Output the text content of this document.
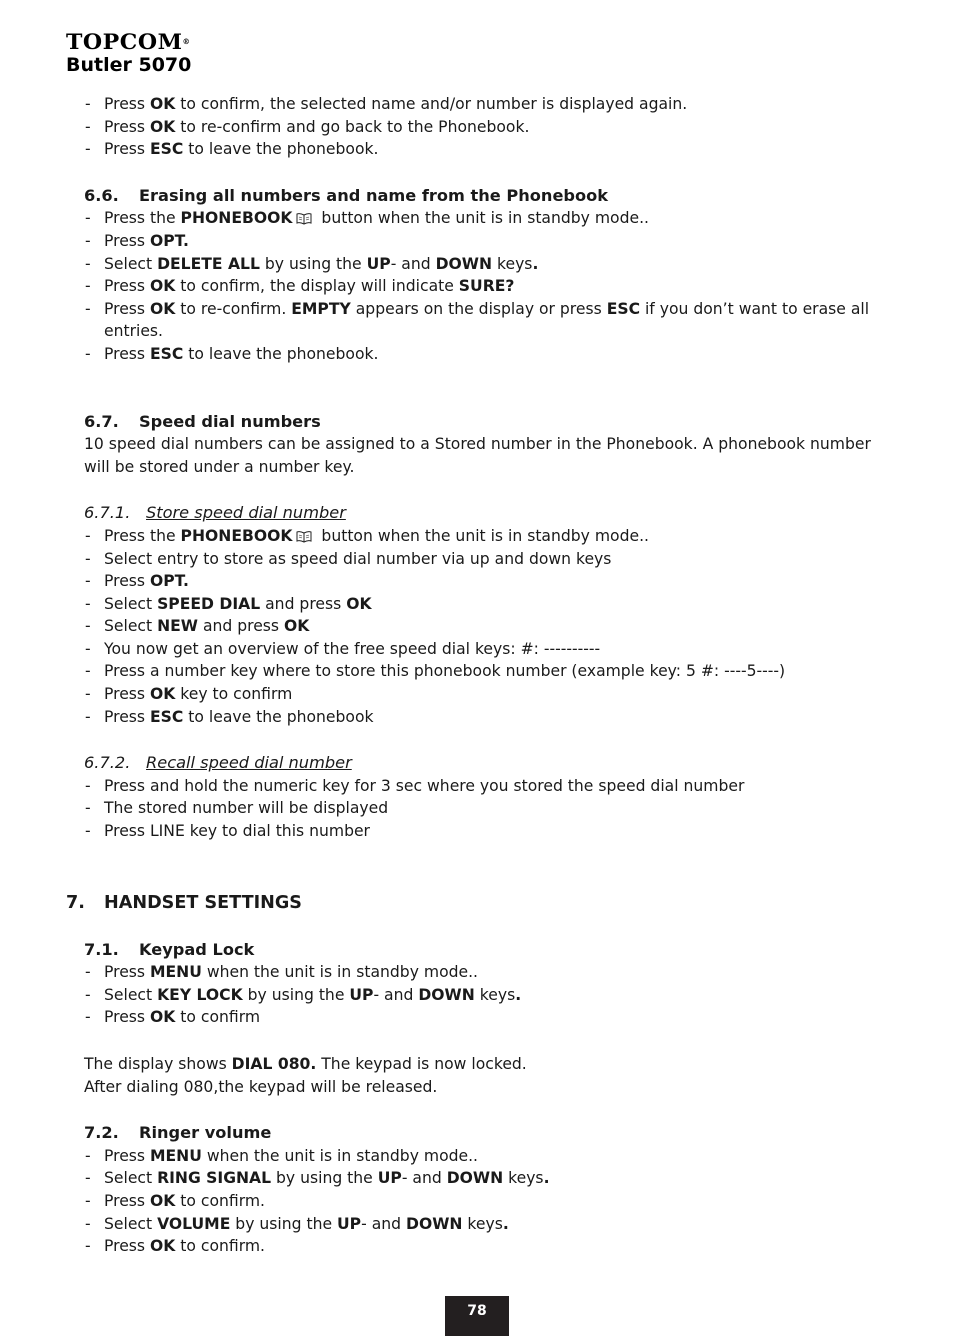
TOPCOM®
Butler 5070
- Press OK to confirm, the selected name and/or number is displayed again.
- Press OK to re-confirm and go back to the Phonebook.
- Press ESC to leave the phonebook.
6.6. Erasing all numbers and name from the Phonebook
- Press the PHONEBOOK button when the unit is in standby mode..
- Press OPT.
- Select DELETE ALL by using the UP- and DOWN keys.
- Press OK to confirm, the display will indicate SURE?
- Press OK to re-confirm. EMPTY appears on the display or press ESC if you don’t want to erase all entries.
- Press ESC to leave the phonebook.
6.7. Speed dial numbers

10 speed dial numbers can be assigned to a Stored number in the Phonebook. A phonebook number will be stored under a number key.

6.7.1. Store speed dial number
- Press the PHONEBOOK button when the unit is in standby mode..
- Select entry to store as speed dial number via up and down keys
- Press OPT.
- Select SPEED DIAL and press OK
- Select NEW and press OK
- You now get an overview of the free speed dial keys: #: ----------
- Press a number key where to store this phonebook number (example key: 5 #: ----5----)
- Press OK key to confirm
- Press ESC to leave the phonebook
6.7.2. Recall speed dial number
- Press and hold the numeric key for 3 sec where you stored the speed dial number
- The stored number will be displayed
- Press LINE key to dial this number
7. HANDSET SETTINGS
7.1. Keypad Lock
- Press MENU when the unit is in standby mode..
- Select KEY LOCK by using the UP- and DOWN keys.
- Press OK to confirm

The display shows DIAL 080. The keypad is now locked.

After dialing 080,the keypad will be released.

7.2. Ringer volume
- Press MENU when the unit is in standby mode..
- Select RING SIGNAL by using the UP- and DOWN keys.
- Press OK to confirm.
- Select VOLUME by using the UP- and DOWN keys.
- Press OK to confirm.
78
